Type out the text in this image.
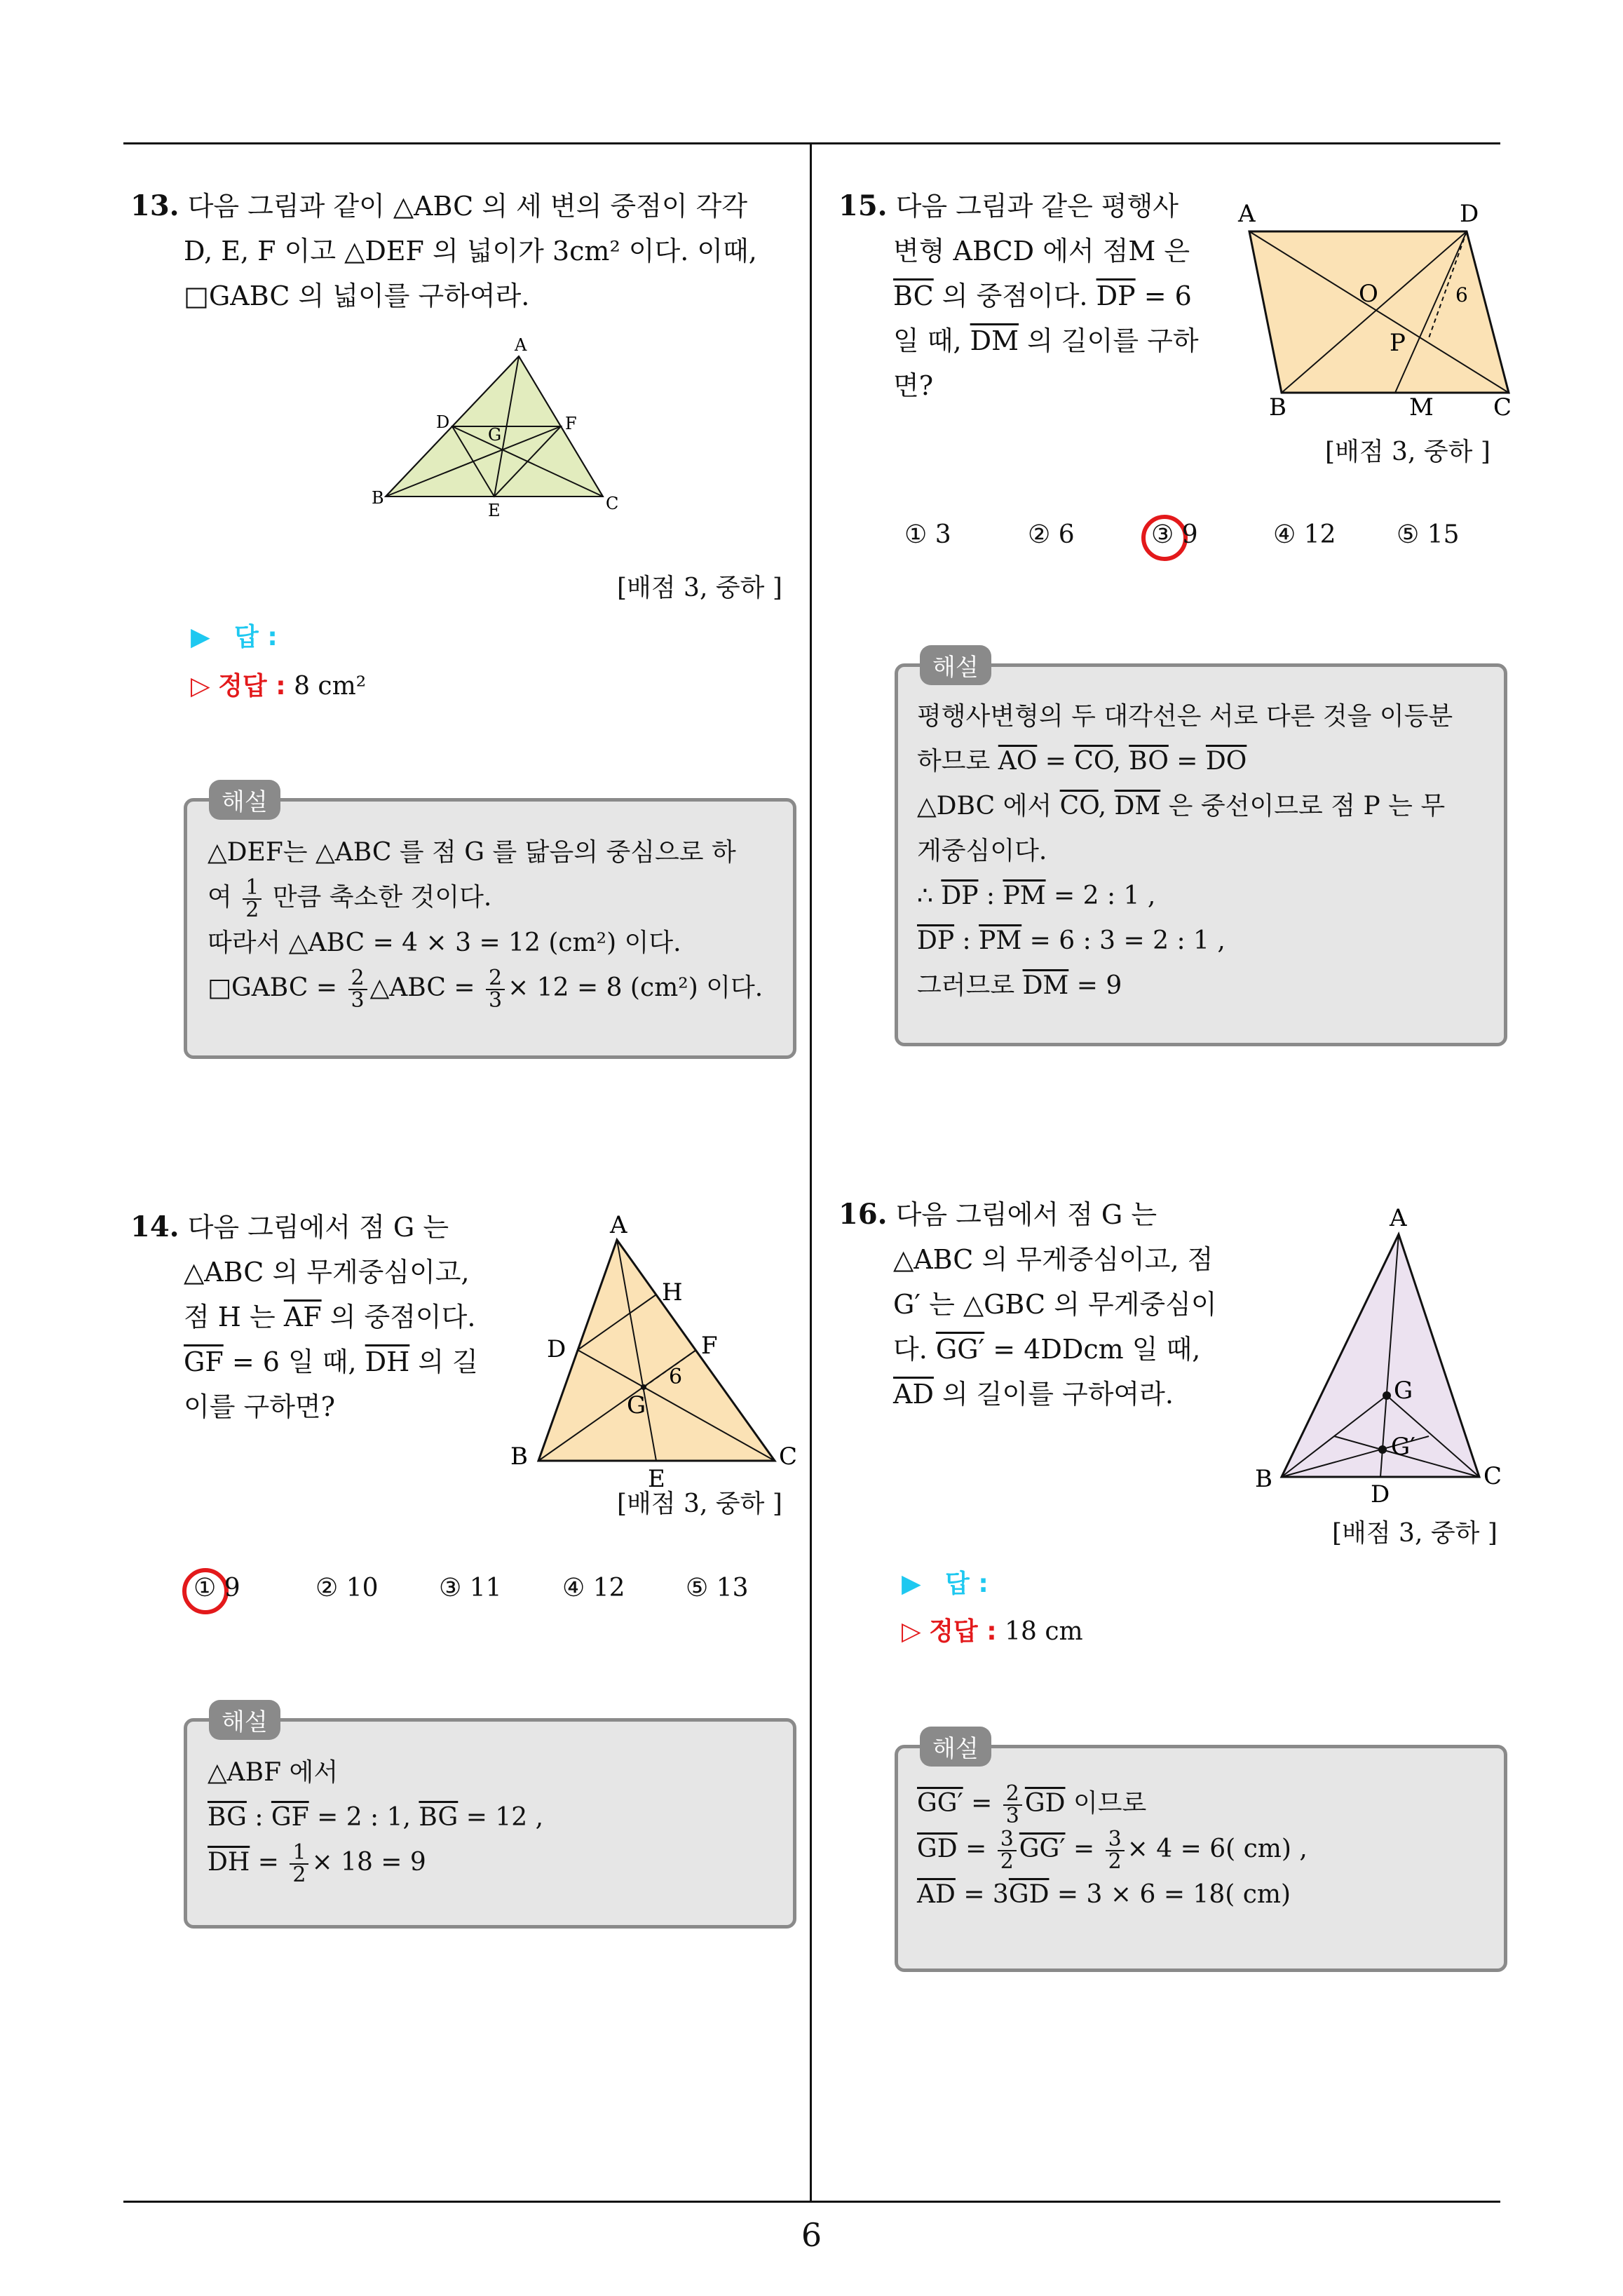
6
13. 다음 그림과 같이 △ABC 의 세 변의 중점이 각각
D, E, F 이고 △DEF 의 넓이가 3cm² 이다. 이때,
□GABC 의 넓이를 구하여라.
A
B	C
D
E
F
G
[배점 3, 중하 ]
▶ 답 :
▷ 정답 : 8 cm²
해설
△DEF는 △ABC 를 점 G 를 닮음의 중심으로 하
여 $\frac{1}{2}$ 만큼 축소한 것이다.
따라서 △ABC = 4 × 3 = 12 (cm²) 이다.
□GABC = $\frac{2}{3}$ △ABC = $\frac{2}{3} \times 12 = 8$ (cm²) 이다.
14. 다음 그림에서 점 G 는
△ABC 의 무게중심이고,
점 H 는 $\overline{AF}$ 의 중점이다.
$\overline{GF} = 6$ 일 때, $\overline{DH}$ 의 길
이를 구하면?
A
B	C
D
E
F
G
H
6
[배점 3, 중하 ]
① 9	② 10 ③ 11 ④ 12 ⑤ 13
해설
△ABF 에서
$\overline{BG}$ : $\overline{GF} = 2$ : 1, $\overline{BG} = 12$ ,
$\overline{DH} = \frac{1}{2} \times 18 = 9$
15. 다음 그림과 같은 평행사
변형 ABCD 에서 점M 은
$\overline{BC}$ 의 중점이다. $\overline{DP} = 6$
일 때, $\overline{DM}$ 의 길이를 구하
면?
A	D
B	C
M
O
P
6
[배점 3, 중하 ]
① 3	② 6	③ 9	④ 12 ⑤ 15
해설
평행사변형의 두 대각선은 서로 다른 것을 이등분
하므로 $\overline{AO} = \overline{CO}$, $\overline{BO} = \overline{DO}$
△DBC 에서 $\overline{CO}$, $\overline{DM}$ 은 중선이므로 점 P 는 무
게중심이다.
∴ $\overline{DP}$ : $\overline{PM} = 2$ : 1 ,
$\overline{DP}$ : $\overline{PM} = 6$ : 3 = 2 : 1 ,
그러므로 $\overline{DM} = 9$
16. 다음 그림에서 점 G 는
△ABC 의 무게중심이고, 점
G′ 는 △GBC 의 무게중심이
다. GG′ = 4DDcm 일 때,
$\overline{AD}$ 의 길이를 구하여라.
A
B	C
D
G
G′
[배점 3, 중하 ]
▶ 답 :
▷ 정답 : 18 cm
해설
$GG' = \frac{2}{3} \overline{GD}$ 이므로
$\overline{GD} = \frac{3}{2} GG' = \frac{3}{2} \times 4 = 6$( cm) ,
$\overline{AD} = 3\overline{GD} = 3 \times 6 = 18$( cm)
